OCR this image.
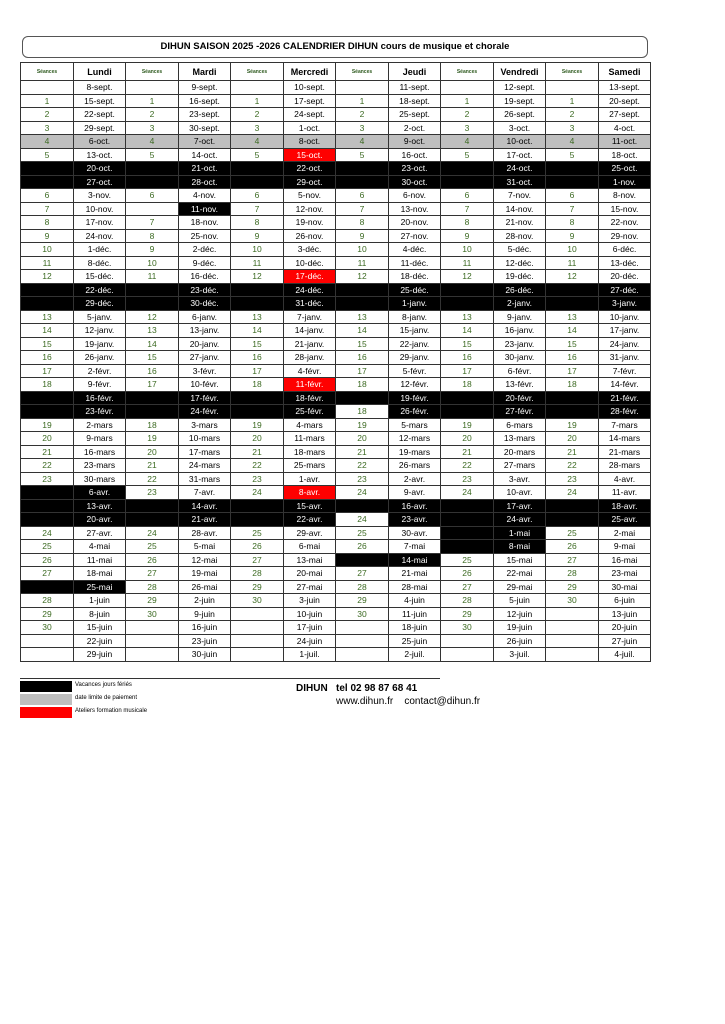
DIHUN SAISON 2025 -2026 CALENDRIER DIHUN cours de musique et chorale
Séances	Lundi	Séances	Mardi	Séances	Mercredi	Séances	Jeudi	Séances	Vendredi	Séances	Samedi
	8-sept.		9-sept.		10-sept.		11-sept.		12-sept.		13-sept.
1	15-sept.	1	16-sept.	1	17-sept.	1	18-sept.	1	19-sept.	1	20-sept.
2	22-sept.	2	23-sept.	2	24-sept.	2	25-sept.	2	26-sept.	2	27-sept.
3	29-sept.	3	30-sept.	3	1-oct.	3	2-oct.	3	3-oct.	3	4-oct.
4	6-oct.	4	7-oct.	4	8-oct.	4	9-oct.	4	10-oct.	4	11-oct.
5	13-oct.	5	14-oct.	5	15-oct.	5	16-oct.	5	17-oct.	5	18-oct.
	20-oct.		21-oct.		22-oct.		23-oct.		24-oct.		25-oct.
	27-oct.		28-oct.		29-oct.		30-oct.		31-oct.		1-nov.
6	3-nov.	6	4-nov.	6	5-nov.	6	6-nov.	6	7-nov.	6	8-nov.
7	10-nov.		11-nov.	7	12-nov.	7	13-nov.	7	14-nov.	7	15-nov.
8	17-nov.	7	18-nov.	8	19-nov.	8	20-nov.	8	21-nov.	8	22-nov.
9	24-nov.	8	25-nov.	9	26-nov.	9	27-nov.	9	28-nov.	9	29-nov.
10	1-déc.	9	2-déc.	10	3-déc.	10	4-déc.	10	5-déc.	10	6-déc.
11	8-déc.	10	9-déc.	11	10-déc.	11	11-déc.	11	12-déc.	11	13-déc.
12	15-déc.	11	16-déc.	12	17-déc.	12	18-déc.	12	19-déc.	12	20-déc.
	22-déc.		23-déc.		24-déc.		25-déc.		26-déc.		27-déc.
	29-déc.		30-déc.		31-déc.		1-janv.		2-janv.		3-janv.
13	5-janv.	12	6-janv.	13	7-janv.	13	8-janv.	13	9-janv.	13	10-janv.
14	12-janv.	13	13-janv.	14	14-janv.	14	15-janv.	14	16-janv.	14	17-janv.
15	19-janv.	14	20-janv.	15	21-janv.	15	22-janv.	15	23-janv.	15	24-janv.
16	26-janv.	15	27-janv.	16	28-janv.	16	29-janv.	16	30-janv.	16	31-janv.
17	2-févr.	16	3-févr.	17	4-févr.	17	5-févr.	17	6-févr.	17	7-févr.
18	9-févr.	17	10-févr.	18	11-févr.	18	12-févr.	18	13-févr.	18	14-févr.
	16-févr.		17-févr.		18-févr.		19-févr.		20-févr.		21-févr.
	23-févr.		24-févr.		25-févr.	18	26-févr.		27-févr.		28-févr.
19	2-mars	18	3-mars	19	4-mars	19	5-mars	19	6-mars	19	7-mars
20	9-mars	19	10-mars	20	11-mars	20	12-mars	20	13-mars	20	14-mars
21	16-mars	20	17-mars	21	18-mars	21	19-mars	21	20-mars	21	21-mars
22	23-mars	21	24-mars	22	25-mars	22	26-mars	22	27-mars	22	28-mars
23	30-mars	22	31-mars	23	1-avr.	23	2-avr.	23	3-avr.	23	4-avr.
	6-avr.	23	7-avr.	24	8-avr.	24	9-avr.	24	10-avr.	24	11-avr.
	13-avr.		14-avr.		15-avr.		16-avr.		17-avr.		18-avr.
	20-avr.		21-avr.		22-avr.	24	23-avr.		24-avr.		25-avr.
24	27-avr.	24	28-avr.	25	29-avr.	25	30-avr.		1-mai	25	2-mai
25	4-mai	25	5-mai	26	6-mai	26	7-mai		8-mai	26	9-mai
26	11-mai	26	12-mai	27	13-mai		14-mai	25	15-mai	27	16-mai
27	18-mai	27	19-mai	28	20-mai	27	21-mai	26	22-mai	28	23-mai
	25-mai	28	26-mai	29	27-mai	28	28-mai	27	29-mai	29	30-mai
28	1-juin	29	2-juin	30	3-juin	29	4-juin	28	5-juin	30	6-juin
29	8-juin	30	9-juin		10-juin	30	11-juin	29	12-juin		13-juin
30	15-juin		16-juin		17-juin		18-juin	30	19-juin		20-juin
	22-juin		23-juin		24-juin		25-juin		26-juin		27-juin
	29-juin		30-juin		1-juil.		2-juil.		3-juil.		4-juil.
Vacances jours fériés
date limite de paiement
Ateliers formation musicale
DIHUN tel 02 98 87 68 41
www.dihun.fr contact@dihun.fr
